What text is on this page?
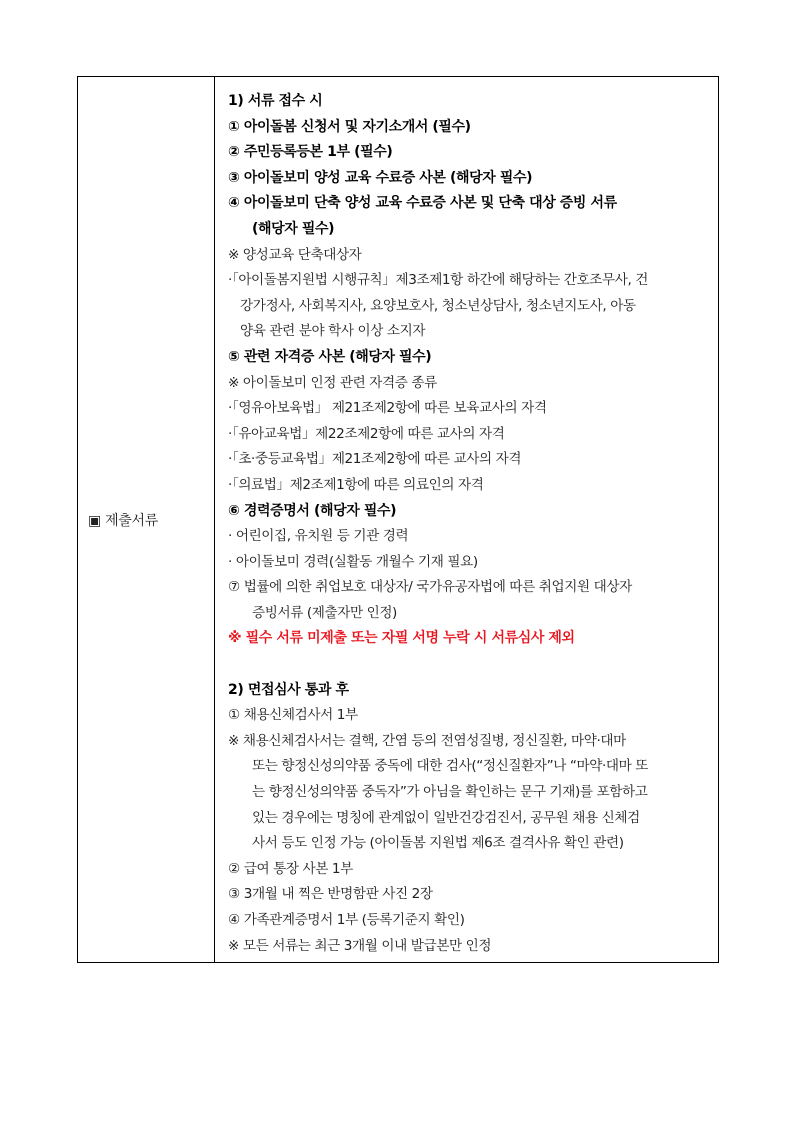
▣ 제출서류
1) 서류 접수 시
① 아이돌봄 신청서 및 자기소개서 (필수)
② 주민등록등본 1부 (필수)
③ 아이돌보미 양성 교육 수료증 사본 (해당자 필수)
④ 아이돌보미 단축 양성 교육 수료증 사본 및 단축 대상 증빙 서류
(해당자 필수)
※ 양성교육 단축대상자
·「아이돌봄지원법 시행규칙」제3조제1항 하간에 해당하는 간호조무사, 건
강가정사, 사회복지사, 요양보호사, 청소년상담사, 청소년지도사, 아동
양육 관련 분야 학사 이상 소지자
⑤ 관련 자격증 사본 (해당자 필수)
※ 아이돌보미 인정 관련 자격증 종류
·「영유아보육법」 제21조제2항에 따른 보육교사의 자격
·「유아교육법」제22조제2항에 따른 교사의 자격
·「초·중등교육법」제21조제2항에 따른 교사의 자격
·「의료법」제2조제1항에 따른 의료인의 자격
⑥ 경력증명서 (해당자 필수)
· 어린이집, 유치원 등 기관 경력
· 아이돌보미 경력(실활동 개월수 기재 필요)
⑦ 법률에 의한 취업보호 대상자/ 국가유공자법에 따른 취업지원 대상자
증빙서류 (제출자만 인정)
※ 필수 서류 미제출 또는 자필 서명 누락 시 서류심사 제외
2) 면접심사 통과 후
① 채용신체검사서 1부
※ 채용신체검사서는 결핵, 간염 등의 전염성질병, 정신질환, 마약·대마
또는 향정신성의약품 중독에 대한 검사(“정신질환자”나 “마약·대마 또
는 향정신성의약품 중독자”가 아님을 확인하는 문구 기재)를 포함하고
있는 경우에는 명칭에 관계없이 일반건강검진서, 공무원 채용 신체검
사서 등도 인정 가능 (아이돌봄 지원법 제6조 결격사유 확인 관련)
② 급여 통장 사본 1부
③ 3개월 내 찍은 반명함판 사진 2장
④ 가족관계증명서 1부 (등록기준지 확인)
※ 모든 서류는 최근 3개월 이내 발급본만 인정
